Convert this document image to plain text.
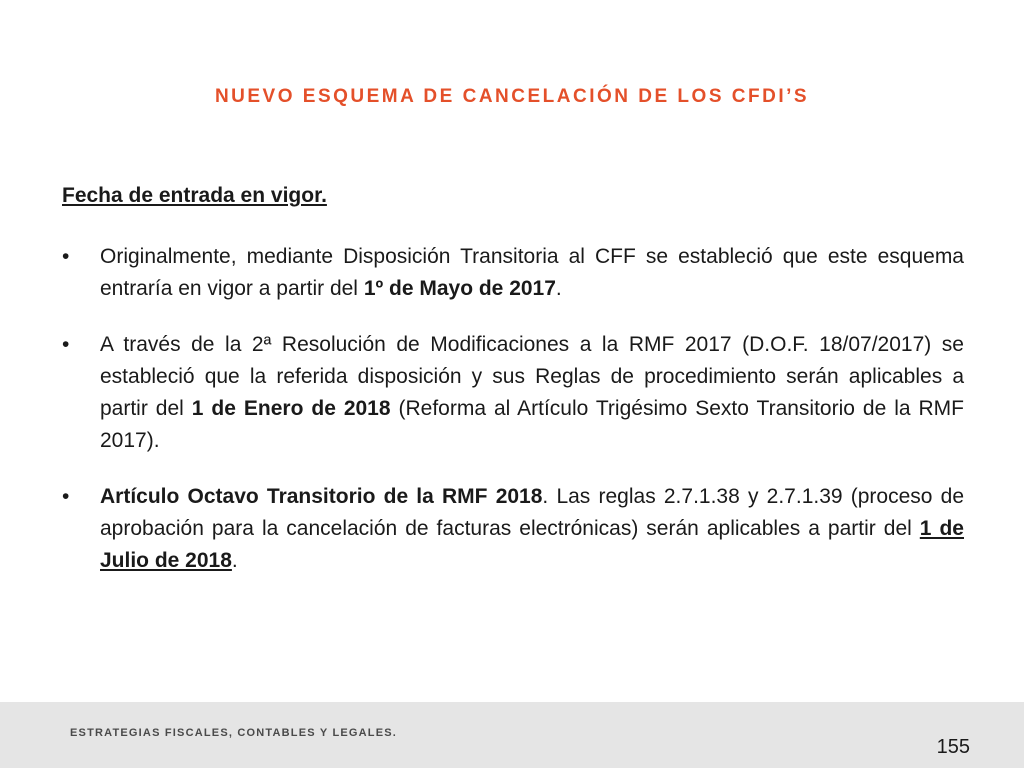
NUEVO ESQUEMA DE CANCELACIÓN DE LOS CFDI’S
Fecha de entrada en vigor.
• Originalmente, mediante Disposición Transitoria al CFF se estableció que este esquema entraría en vigor a partir del 1º de Mayo de 2017.
• A través de la 2ª Resolución de Modificaciones a la RMF 2017 (D.O.F. 18/07/2017) se estableció que la referida disposición y sus Reglas de procedimiento serán aplicables a partir del 1 de Enero de 2018 (Reforma al Artículo Trigésimo Sexto Transitorio de la RMF 2017).
• Artículo Octavo Transitorio de la RMF 2018. Las reglas 2.7.1.38 y 2.7.1.39 (proceso de aprobación para la cancelación de facturas electrónicas) serán aplicables a partir del 1 de Julio de 2018.
ESTRATEGIAS FISCALES, CONTABLES Y LEGALES.
155
